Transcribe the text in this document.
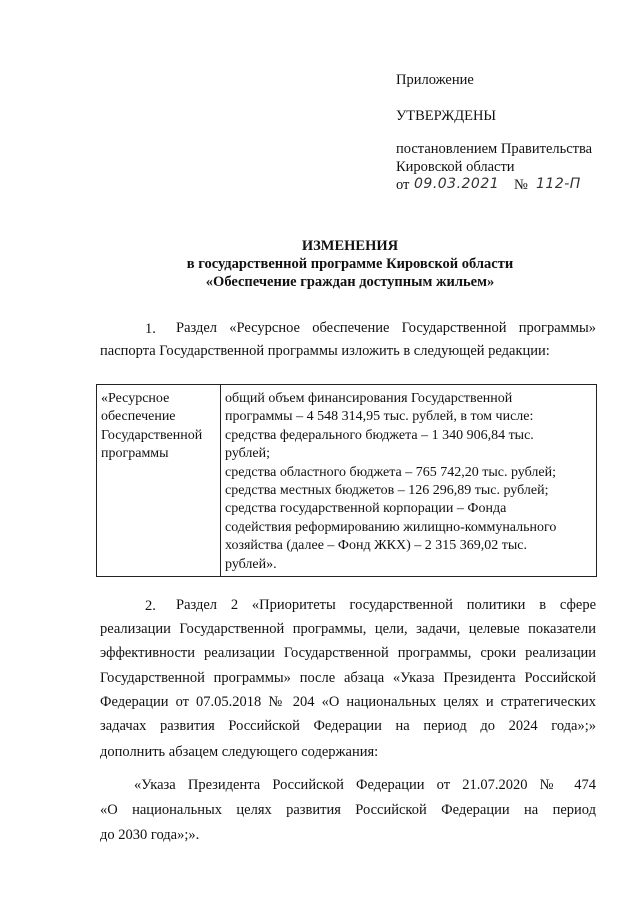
Приложение
УТВЕРЖДЕНЫ
постановлением Правительства
Кировской области
от 09.03.2021 № 112-П
ИЗМЕНЕНИЯ
в государственной программе Кировской области
«Обеспечение граждан доступным жильем»
1. Раздел «Ресурсное обеспечение Государственной программы»
паспорта Государственной программы изложить в следующей редакции:
«Ресурсное
обеспечение
Государственной
программы
общий объем финансирования Государственной
программы – 4 548 314,95 тыс. рублей, в том числе:
средства федерального бюджета – 1 340 906,84 тыс.
рублей;
средства областного бюджета – 765 742,20 тыс. рублей;
средства местных бюджетов – 126 296,89 тыс. рублей;
средства государственной корпорации – Фонда
содействия реформированию жилищно-коммунального
хозяйства (далее – Фонд ЖКХ) – 2 315 369,02 тыс.
рублей».
2. Раздел 2 «Приоритеты государственной политики в сфере
реализации Государственной программы, цели, задачи, целевые показатели
эффективности реализации Государственной программы, сроки реализации
Государственной программы» после абзаца «Указа Президента Российской
Федерации от 07.05.2018 № 204 «О национальных целях и стратегических
задачах развития Российской Федерации на период до 2024 года»;»
дополнить абзацем следующего содержания:
«Указа Президента Российской Федерации от 21.07.2020 № 474
«О национальных целях развития Российской Федерации на период
до 2030 года»;».
